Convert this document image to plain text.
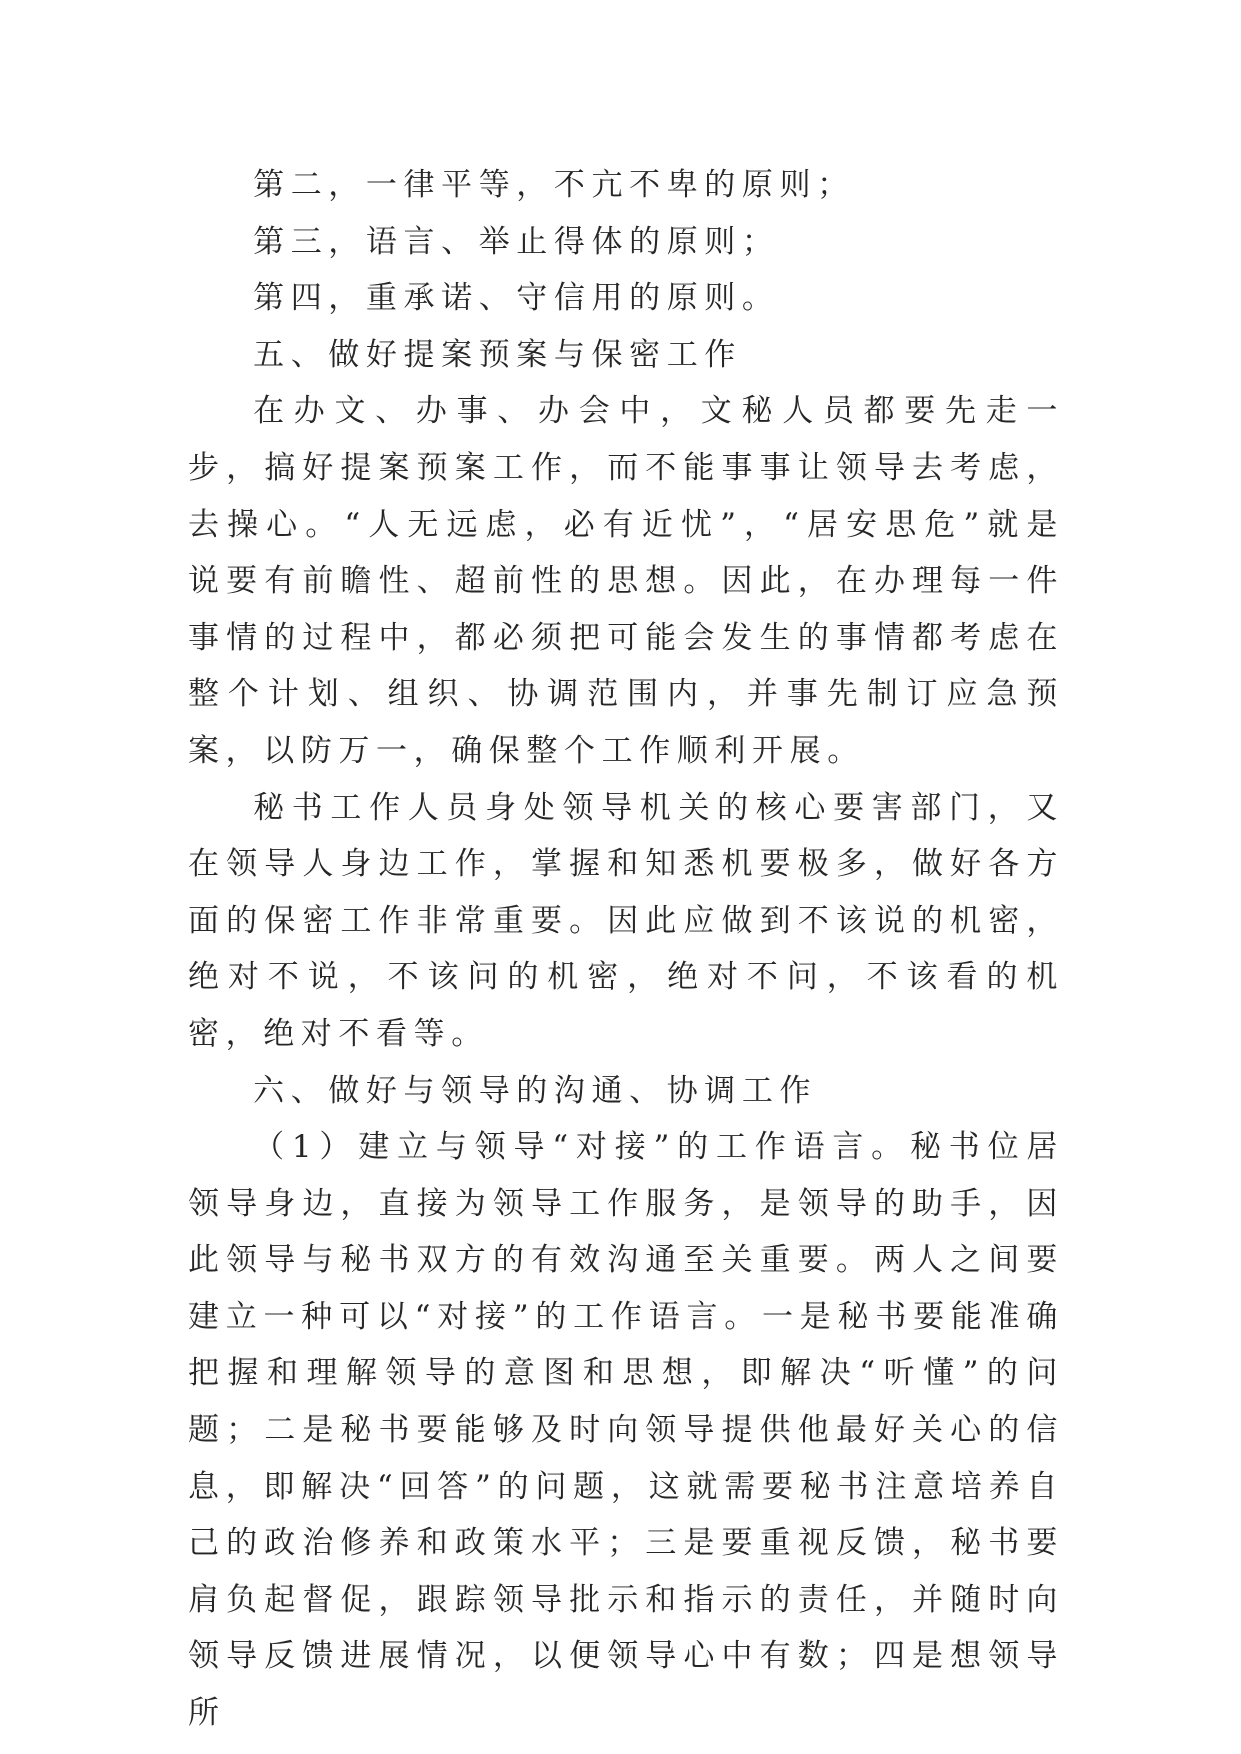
第二，一律平等，不亢不卑的原则；

第三，语言、举止得体的原则；

第四，重承诺、守信用的原则。

五、做好提案预案与保密工作

在办文、办事、办会中，文秘人员都要先走一步，搞好提案预案工作，而不能事事让领导去考虑，去操心。“人无远虑，必有近忧”，“居安思危”就是说要有前瞻性、超前性的思想。因此，在办理每一件事情的过程中，都必须把可能会发生的事情都考虑在整个计划、组织、协调范围内，并事先制订应急预案，以防万一，确保整个工作顺利开展。

秘书工作人员身处领导机关的核心要害部门，又在领导人身边工作，掌握和知悉机要极多，做好各方面的保密工作非常重要。因此应做到不该说的机密，绝对不说，不该问的机密，绝对不问，不该看的机密，绝对不看等。

六、做好与领导的沟通、协调工作

（1）建立与领导“对接”的工作语言。秘书位居领导身边，直接为领导工作服务，是领导的助手，因此领导与秘书双方的有效沟通至关重要。两人之间要建立一种可以“对接”的工作语言。一是秘书要能准确把握和理解领导的意图和思想，即解决“听懂”的问题；二是秘书要能够及时向领导提供他最好关心的信息，即解决“回答”的问题，这就需要秘书注意培养自己的政治修养和政策水平；三是要重视反馈，秘书要肩负起督促，跟踪领导批示和指示的责任，并随时向领导反馈进展情况，以便领导心中有数；四是想领导所
